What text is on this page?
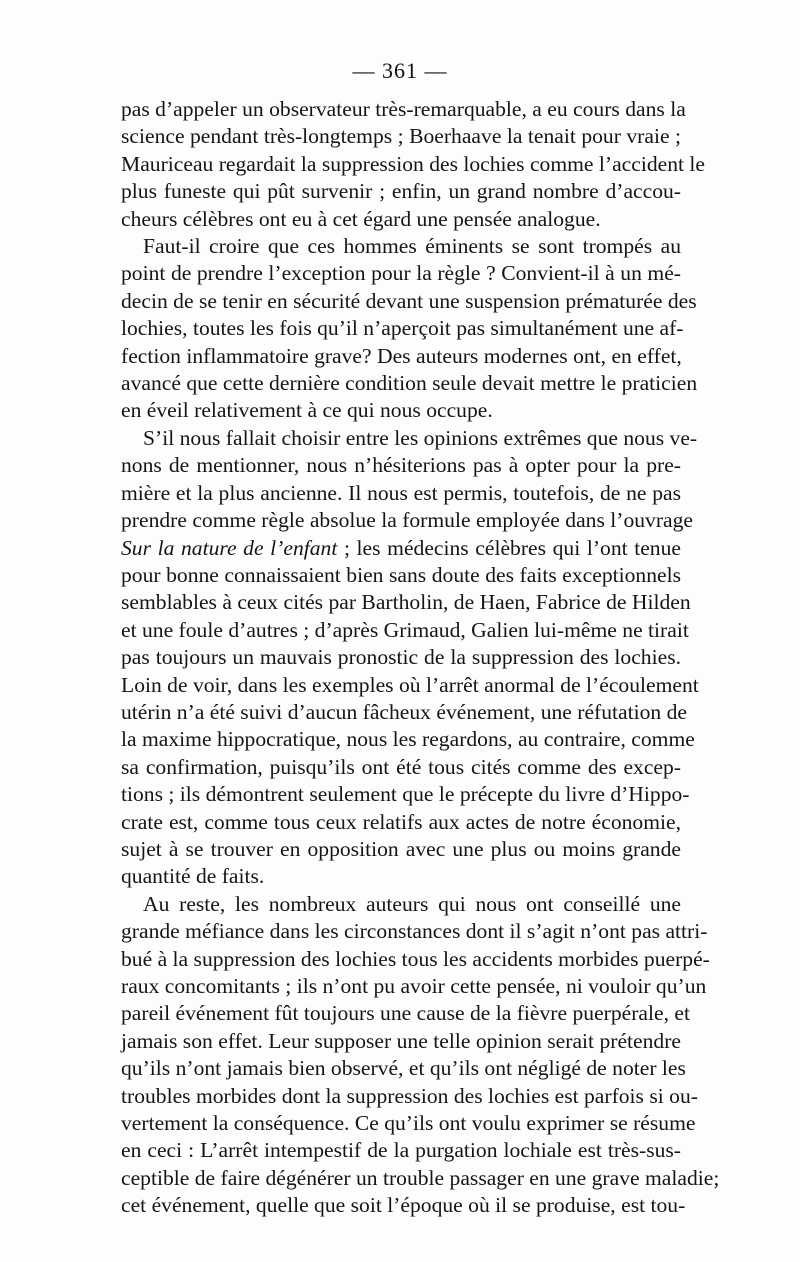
— 361 —
pas d’appeler un observateur très-remarquable, a eu cours dans la
science pendant très-longtemps ; Boerhaave la tenait pour vraie ;
Mauriceau regardait la suppression des lochies comme l’accident le
plus funeste qui pût survenir ; enfin, un grand nombre d’accou-
cheurs célèbres ont eu à cet égard une pensée analogue.
Faut-il croire que ces hommes éminents se sont trompés au
point de prendre l’exception pour la règle ? Convient-il à un mé-
decin de se tenir en sécurité devant une suspension prématurée des
lochies, toutes les fois qu’il n’aperçoit pas simultanément une af-
fection inflammatoire grave? Des auteurs modernes ont, en effet,
avancé que cette dernière condition seule devait mettre le praticien
en éveil relativement à ce qui nous occupe.
S’il nous fallait choisir entre les opinions extrêmes que nous ve-
nons de mentionner, nous n’hésiterions pas à opter pour la pre-
mière et la plus ancienne. Il nous est permis, toutefois, de ne pas
prendre comme règle absolue la formule employée dans l’ouvrage
Sur la nature de l’enfant ; les médecins célèbres qui l’ont tenue
pour bonne connaissaient bien sans doute des faits exceptionnels
semblables à ceux cités par Bartholin, de Haen, Fabrice de Hilden
et une foule d’autres ; d’après Grimaud, Galien lui-même ne tirait
pas toujours un mauvais pronostic de la suppression des lochies.
Loin de voir, dans les exemples où l’arrêt anormal de l’écoulement
utérin n’a été suivi d’aucun fâcheux événement, une réfutation de
la maxime hippocratique, nous les regardons, au contraire, comme
sa confirmation, puisqu’ils ont été tous cités comme des excep-
tions ; ils démontrent seulement que le précepte du livre d’Hippo-
crate est, comme tous ceux relatifs aux actes de notre économie,
sujet à se trouver en opposition avec une plus ou moins grande
quantité de faits.
Au reste, les nombreux auteurs qui nous ont conseillé une
grande méfiance dans les circonstances dont il s’agit n’ont pas attri-
bué à la suppression des lochies tous les accidents morbides puerpé-
raux concomitants ; ils n’ont pu avoir cette pensée, ni vouloir qu’un
pareil événement fût toujours une cause de la fièvre puerpérale, et
jamais son effet. Leur supposer une telle opinion serait prétendre
qu’ils n’ont jamais bien observé, et qu’ils ont négligé de noter les
troubles morbides dont la suppression des lochies est parfois si ou-
vertement la conséquence. Ce qu’ils ont voulu exprimer se résume
en ceci : L’arrêt intempestif de la purgation lochiale est très-sus-
ceptible de faire dégénérer un trouble passager en une grave maladie;
cet événement, quelle que soit l’époque où il se produise, est tou-
